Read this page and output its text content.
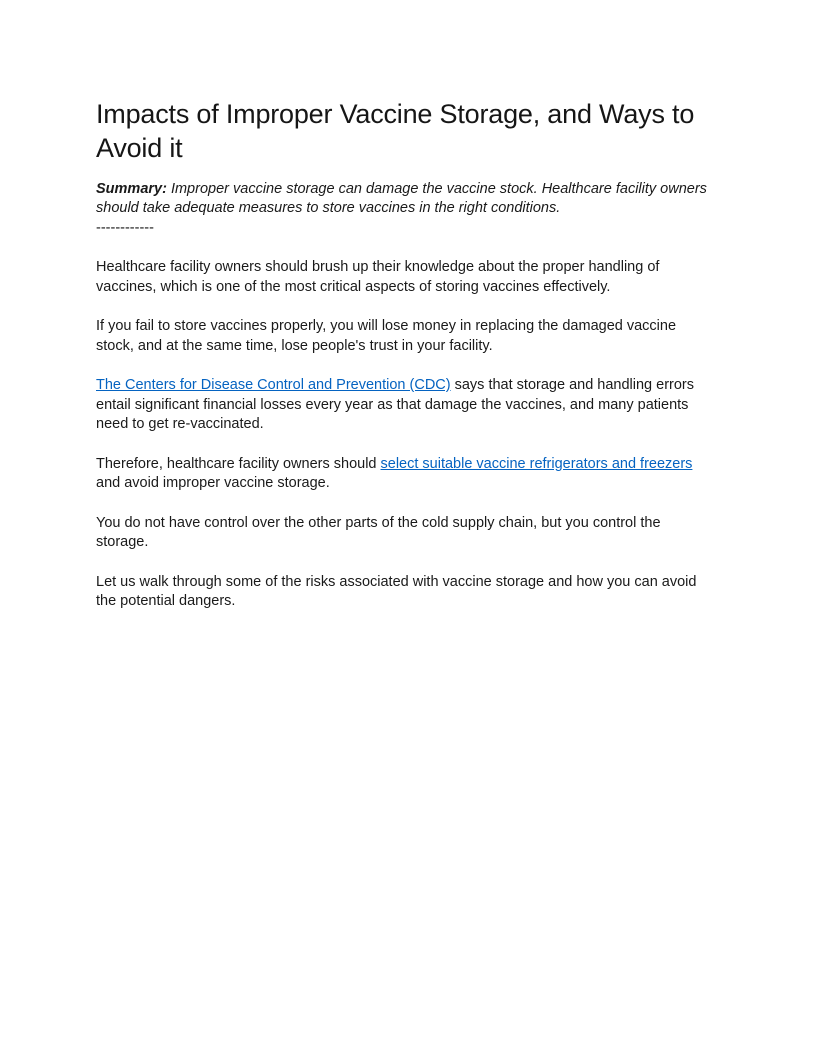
Impacts of Improper Vaccine Storage, and Ways to Avoid it

Summary: Improper vaccine storage can damage the vaccine stock. Healthcare facility owners should take adequate measures to store vaccines in the right conditions.

------------

Healthcare facility owners should brush up their knowledge about the proper handling of vaccines, which is one of the most critical aspects of storing vaccines effectively.

If you fail to store vaccines properly, you will lose money in replacing the damaged vaccine stock, and at the same time, lose people's trust in your facility.

The Centers for Disease Control and Prevention (CDC) says that storage and handling errors entail significant financial losses every year as that damage the vaccines, and many patients need to get re-vaccinated.

Therefore, healthcare facility owners should select suitable vaccine refrigerators and freezers and avoid improper vaccine storage.

You do not have control over the other parts of the cold supply chain, but you control the storage.

Let us walk through some of the risks associated with vaccine storage and how you can avoid the potential dangers.
